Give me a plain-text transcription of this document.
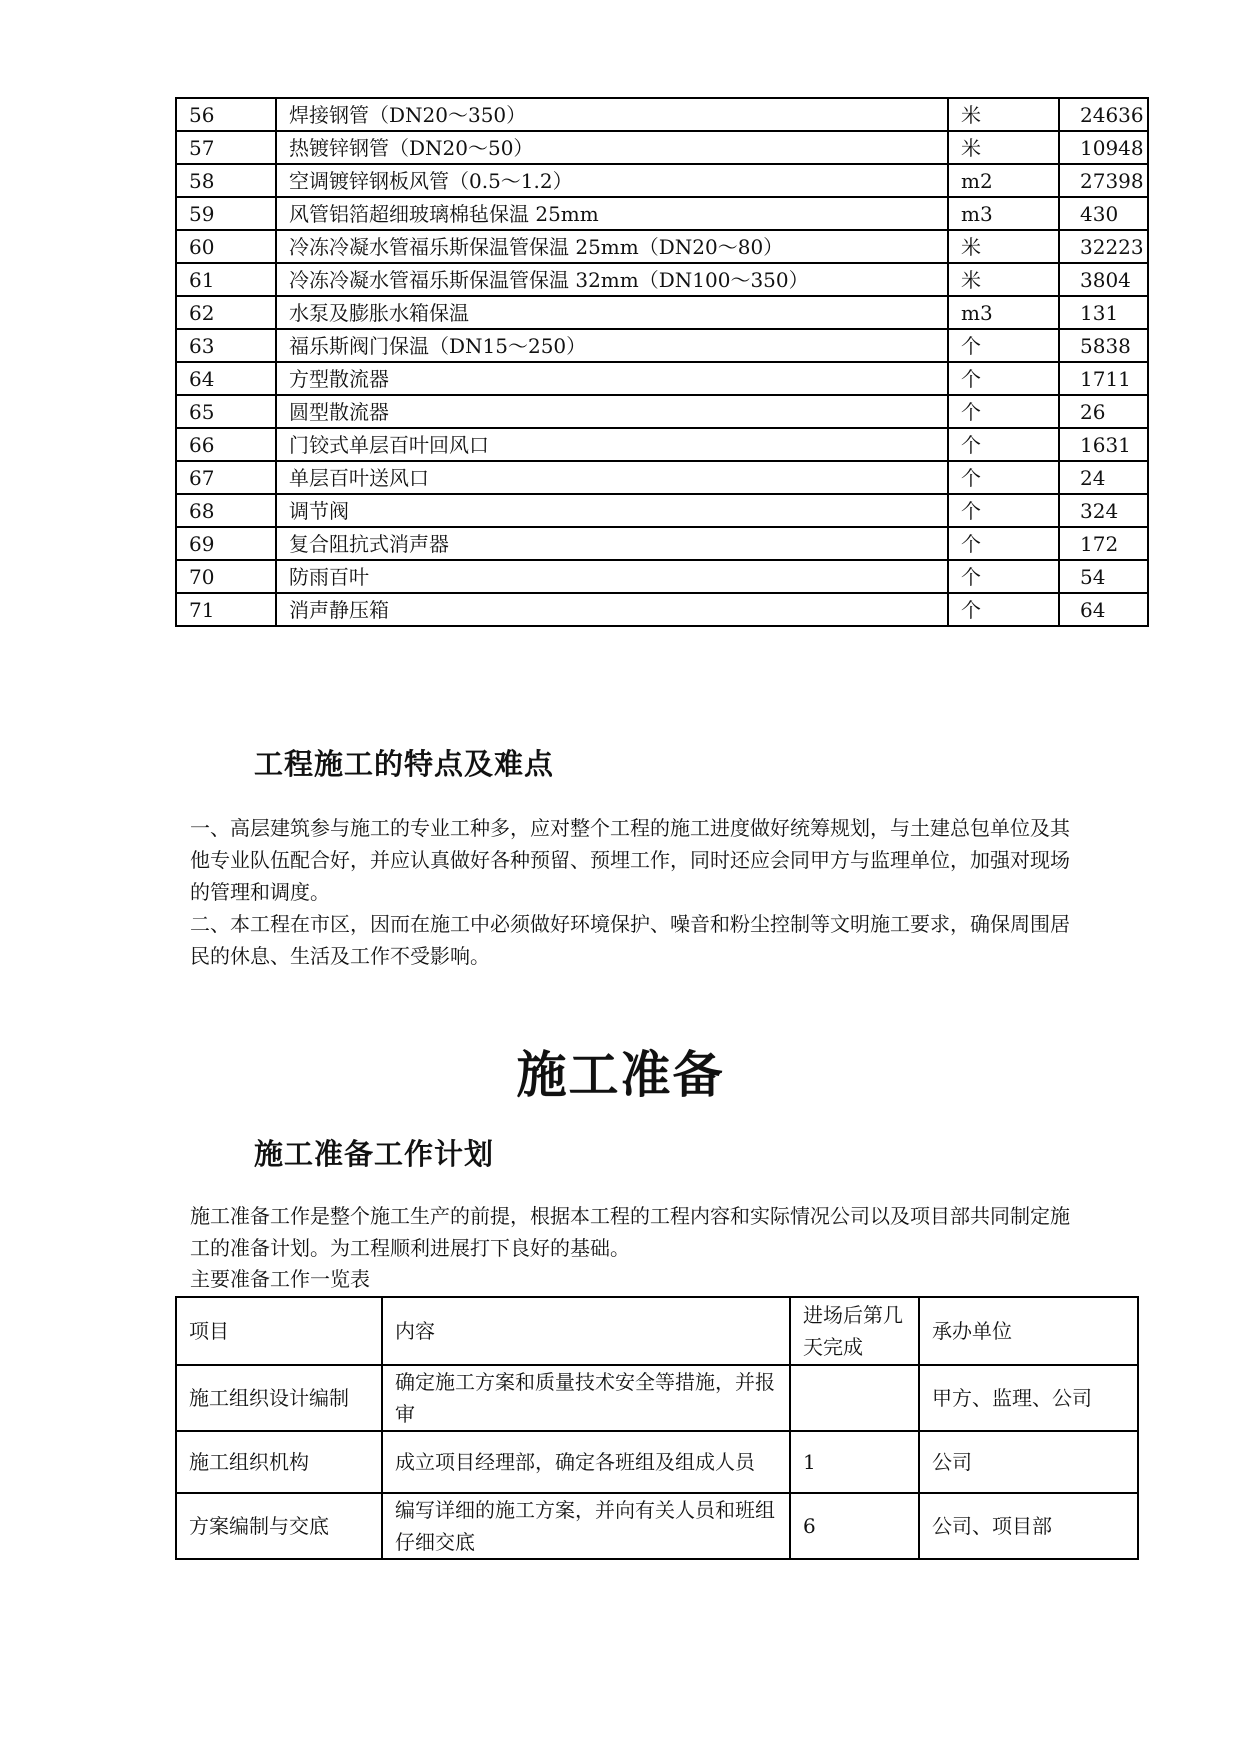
56	焊接钢管（DN20～350）	米	24636
57	热镀锌钢管（DN20～50）	米	10948
58	空调镀锌钢板风管（0.5～1.2）	m2	27398
59	风管铝箔超细玻璃棉毡保温 25mm	m3	430
60	冷冻冷凝水管福乐斯保温管保温 25mm（DN20～80）	米	32223
61	冷冻冷凝水管福乐斯保温管保温 32mm（DN100～350）	米	3804
62	水泵及膨胀水箱保温	m3	131
63	福乐斯阀门保温（DN15～250）	个	5838
64	方型散流器	个	1711
65	圆型散流器	个	26
66	门铰式单层百叶回风口	个	1631
67	单层百叶送风口	个	24
68	调节阀	个	324
69	复合阻抗式消声器	个	172
70	防雨百叶	个	54
71	消声静压箱	个	64
工程施工的特点及难点

一、高层建筑参与施工的专业工种多，应对整个工程的施工进度做好统筹规划，与土建总包单位及其他专业队伍配合好，并应认真做好各种预留、预埋工作，同时还应会同甲方与监理单位，加强对现场的管理和调度。

二、本工程在市区，因而在施工中必须做好环境保护、噪音和粉尘控制等文明施工要求，确保周围居民的休息、生活及工作不受影响。

施工准备
施工准备工作计划

施工准备工作是整个施工生产的前提，根据本工程的工程内容和实际情况公司以及项目部共同制定施工的准备计划。为工程顺利进展打下良好的基础。

主要准备工作一览表

项目	内容	进场后第几天完成	承办单位
施工组织设计编制	确定施工方案和质量技术安全等措施，并报审		甲方、监理、公司
施工组织机构	成立项目经理部，确定各班组及组成人员	1	公司
方案编制与交底	编写详细的施工方案，并向有关人员和班组仔细交底	6	公司、项目部
